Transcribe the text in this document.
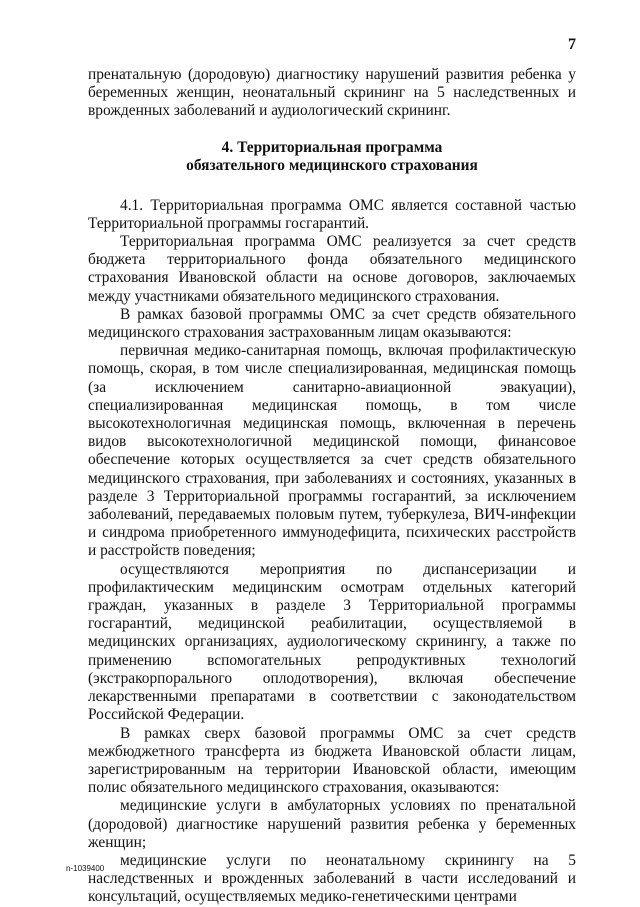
7

пренатальную (дородовую) диагностику нарушений развития ребенка у беременных женщин, неонатальный скрининг на 5 наследственных и врожденных заболеваний и аудиологический скрининг.

4. Территориальная программа
обязательного медицинского страхования

4.1. Территориальная программа ОМС является составной частью Территориальной программы госгарантий.

Территориальная программа ОМС реализуется за счет средств бюджета территориального фонда обязательного медицинского страхования Ивановской области на основе договоров, заключаемых между участниками обязательного медицинского страхования.

В рамках базовой программы ОМС за счет средств обязательного медицинского страхования застрахованным лицам оказываются:

первичная медико-санитарная помощь, включая профилактическую помощь, скорая, в том числе специализированная, медицинская помощь (за исключением санитарно-авиационной эвакуации), специализированная медицинская помощь, в том числе высокотехнологичная медицинская помощь, включенная в перечень видов высокотехнологичной медицинской помощи, финансовое обеспечение которых осуществляется за счет средств обязательного медицинского страхования, при заболеваниях и состояниях, указанных в разделе 3 Территориальной программы госгарантий, за исключением заболеваний, передаваемых половым путем, туберкулеза, ВИЧ-инфекции и синдрома приобретенного иммунодефицита, психических расстройств и расстройств поведения;

осуществляются мероприятия по диспансеризации и профилактическим медицинским осмотрам отдельных категорий граждан, указанных в разделе 3 Территориальной программы госгарантий, медицинской реабилитации, осуществляемой в медицинских организациях, аудиологическому скринингу, а также по применению вспомогательных репродуктивных технологий (экстракорпорального оплодотворения), включая обеспечение лекарственными препаратами в соответствии с законодательством Российской Федерации.

В рамках сверх базовой программы ОМС за счет средств межбюджетного трансферта из бюджета Ивановской области лицам, зарегистрированным на территории Ивановской области, имеющим полис обязательного медицинского страхования, оказываются:

медицинские услуги в амбулаторных условиях по пренатальной (дородовой) диагностике нарушений развития ребенка у беременных женщин;

медицинские услуги по неонатальному скринингу на 5 наследственных и врожденных заболеваний в части исследований и консультаций, осуществляемых медико-генетическими центрами

n-1039400
